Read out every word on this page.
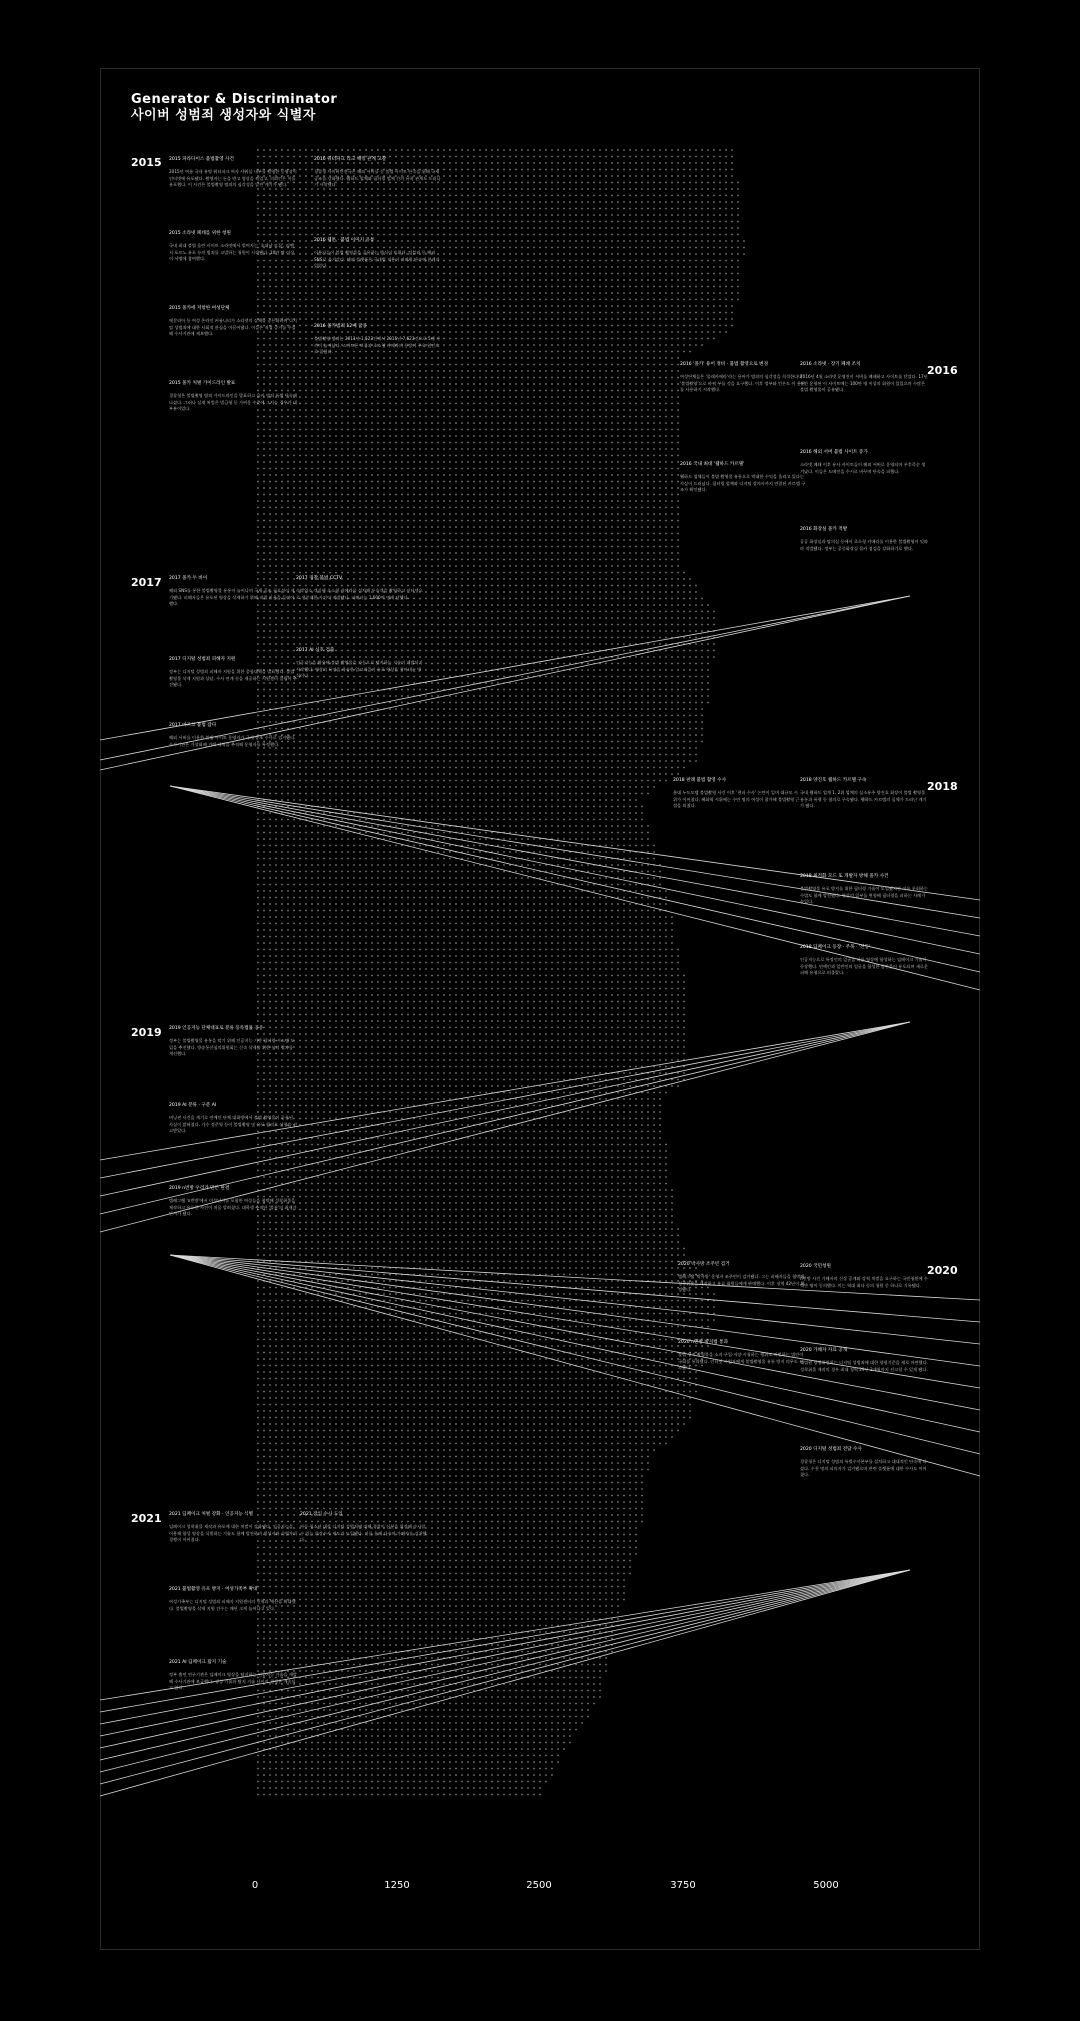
Generator & Discriminator
사이버 성범죄 생성자와 식별자
2015
2016
2017
2018
2019
2020
2021
2015 파라다이스 불법촬영 사건
2015년 여름 국내 유명 워터파크 여자 샤워실 내부를 촬영한 동영상이 인터넷에 유포됐다. 촬영자는 돈을 받고 영상을 찍었고, 의뢰인은 이를 유포했다. 이 사건은 불법촬영 범죄의 심각성을 알린 계기가 됐다.
2015 소라넷 폐쇄를 위한 청원
국내 최대 불법 음란 사이트 소라넷에서 벌어지는 '초대남 모집', 리벤지 포르노 유포 등의 범죄를 고발하는 청원이 시작됐다. 10만 명 이상이 서명에 참여했다.
2015 몰카에 저항한 여성단체
메갈리아 등 여성 온라인 커뮤니티가 소라넷의 실체를 공론화하며 디지털 성범죄에 대한 사회적 관심을 이끌어냈다. 이들은 직접 증거를 수집해 수사기관에 제보했다.
2015 몰카 처벌 가이드라인 발표
경찰청은 불법촬영 범죄 가이드라인을 발표하고 몰카 범죄 특별 단속에 나섰다. 그러나 실제 처벌은 벌금형 등 가벼운 수준에 그치는 경우가 대부분이었다.
2016 워터파크 리크 해킹 관계 고찰
경찰청 사이버안전국은 해외 서버를 둔 불법 사이트 단속을 위해 국제 공조를 강화했다. 웹하드 업체와 필터링 업체 간의 유착 관계도 드러나기 시작했다.
2016 웹툰 · 불법 이미지 유통
이용자들이 불법 촬영물을 공유하는 방식이 트위터, 텀블러 등 해외 SNS로 옮겨갔다. 해외 플랫폼은 국내법 적용이 어려워 단속에 한계가 있었다.
2016 몰카범죄 12배 급증
불법촬영 범죄는 2011년 1,523건에서 2015년 7,623건으로 5배 가까이 늘어났다. 스마트폰 보급과 초소형 카메라의 등장이 주요 원인으로 꼽혔다.
2016 '몰카' 용어 정비 · 불법 촬영으로 변경
여성단체들은 '몰래카메라'라는 용어가 범죄의 심각성을 희석한다며 '불법촬영'으로 바꿔 부를 것을 요구했다. 이후 정부와 언론도 이 용어를 사용하기 시작했다.
2016 국내 최대 '웹하드 카르텔'
웹하드 업체들이 불법 촬영물 유통으로 막대한 수익을 올리고 있다는 사실이 드러났다. 필터링 업체와 디지털 장의사까지 연결된 카르텔 구조가 확인됐다.
2016 소라넷 · 장기 폐쇄 조치
2016년 4월 소라넷 운영진이 서버를 폐쇄하고 사이트를 닫았다. 17년 동안 운영된 이 사이트에는 100만 명 이상의 회원이 있었으며 수많은 불법 촬영물이 공유됐다.
2016 해외 서버 불법 사이트 증가
소라넷 폐쇄 이후 유사 사이트들이 해외 서버로 운영되며 우후죽순 생겨났다. 이들은 도메인을 수시로 바꾸며 단속을 피했다.
2016 화장실 몰카 적발
공공 화장실과 탈의실 등에서 초소형 카메라를 이용한 불법촬영이 잇따라 적발됐다. 정부는 공중화장실 몰카 점검을 강화하기로 했다.
2017 몰카 두 바이
해외 SNS를 통한 불법촬영물 유통이 늘어나며 국제 공조 필요성이 제기됐다. 피해자들은 유포된 영상을 삭제하기 위해 직접 비용을 들여야 했다.
2017 디지털 성범죄 피해자 지원
정부는 디지털 성범죄 피해자 지원을 위한 종합대책을 발표했다. 불법 촬영물 삭제 지원과 상담, 수사 연계 등을 제공하는 지원센터 설립이 추진됐다.
2017 마르코 불법 잡다
해외 서버를 이용한 불법 사이트 운영자가 국제 공조 수사로 검거됐다. 수사기관은 가상화폐 거래 내역을 추적해 운영자를 특정했다.
2017 경찰 불법 CCTV
숙박업소 객실에 초소형 카메라를 설치해 투숙객을 촬영하고 인터넷으로 생중계한 사건이 적발됐다. 피해자는 1,600여 명에 달했다.
2017 AI 신호 검출
인공지능을 활용해 불법 촬영물을 자동으로 탐지하는 기술이 개발되기 시작했다. 영상의 특징을 학습한 알고리즘이 유포 영상을 찾아내는 방식이다.
2018 판례 불법 촬영 수사
홍대 누드모델 불법촬영 사건 이후 '편파 수사' 논란이 일며 대규모 시위가 이어졌다. 혜화역 시위에는 수만 명의 여성이 참가해 불법촬영 근절을 외쳤다.
2018 양진호 웹하드 카르텔 구속
국내 웹하드 업계 1, 2위 업체의 실소유주 양진호 회장이 불법 촬영물 유통과 폭행 등 혐의로 구속됐다. 웹하드 카르텔의 실체가 드러난 계기가 됐다.
2018 최적화 모드 또 개발자 방해 몰카 사건
불법촬영물 유포 방지를 위한 필터링 기술이 도입됐지만 이를 우회하는 수법도 함께 발전했다. 영상의 일부를 변형해 필터링을 피하는 사례가 늘었다.
2018 딥페이크 등장 · 주목 · '선동'
인공지능으로 특정인의 얼굴을 다른 영상에 합성하는 딥페이크 기술이 등장했다. 연예인과 일반인의 얼굴을 합성한 음란물이 유포되며 새로운 피해 유형으로 떠올랐다.
2019 인공지능 단체대표로 분류 등록법률 공유
정부는 불법촬영물 유통을 막기 위해 인공지능 기반 필터링 시스템 도입을 추진했다. 방송통신심의위원회는 신속 삭제를 위한 심의 절차를 개선했다.
2019 AI 분류 · 구분 AI
버닝썬 사건을 계기로 연예인 단체 대화방에서 불법 촬영물이 공유된 사실이 밝혀졌다. 가수 정준영 등이 불법촬영 및 유포 혐의로 실형을 선고받았다.
2019 n번방 우리가 만든 판결
텔레그램 'n번방'에서 미성년자를 포함한 여성들을 협박해 성착취물을 제작하고 유포한 사건이 처음 알려졌다. 대학생 추적단 '불꽃'의 취재가 단서가 됐다.
2020 박사방 조주빈 검거
텔레그램 '박사방' 운영자 조주빈이 검거됐다. 그는 피해자들을 협박해 성착취물을 제작하고 유료 회원들에게 판매했다. 이후 징역 42년이 확정됐다.
2020 n번방 방지법 통과
불법 성적 촬영물을 소지·구입·저장·시청하는 행위도 처벌하는 법안이 국회를 통과했다. 인터넷 사업자에게 불법촬영물 유통 방지 의무도 부과됐다.
2020 국민청원
n번방 사건 가해자의 신상 공개와 강력 처벌을 요구하는 국민청원에 수백만 명이 동의했다. 이는 역대 최다 동의 청원 중 하나로 기록됐다.
2020 가해자 자료 공개
대법원 양형위원회는 디지털 성범죄에 대한 양형기준을 새로 마련했다. 성착취물 제작의 경우 최대 징역 29년 3개월까지 선고할 수 있게 됐다.
2020 디지털 성범죄 전담 수사
경찰청은 디지털 성범죄 특별수사본부를 설치하고 대대적인 단속에 나섰다. 수천 명의 피의자가 검거됐으며 관련 플랫폼에 대한 수사도 이어졌다.
2021 딥페이크 처벌 강화 · 인공지능 식별
딥페이크 성착취물 제작과 유포에 대한 처벌이 강화됐다. 인공지능을 이용해 합성 영상을 식별하는 기술도 함께 발전하며 생성자와 식별자의 경쟁이 이어졌다.
2021 불법촬영 유포 방지 · 여성가족부 확대
여성가족부는 디지털 성범죄 피해자 지원센터의 인력과 예산을 확대했다. 불법촬영물 삭제 지원 건수는 매년 크게 늘어나고 있다.
2021 AI 딥페이크 탐지 기술
정부 출연 연구기관은 딥페이크 영상을 탐지하는 인공지능 기술을 개발해 수사기관에 보급했다. 생성 기술과 탐지 기술 사이의 경쟁은 계속되고 있다.
2021 잠입 수사 도입
아동·청소년 대상 디지털 성범죄에 대해 경찰이 신분을 위장해 수사할 수 있는 위장수사 제도가 도입됐다. 이를 통해 다수의 가해자를 검거했다.
0	1250	2500	3750	5000
